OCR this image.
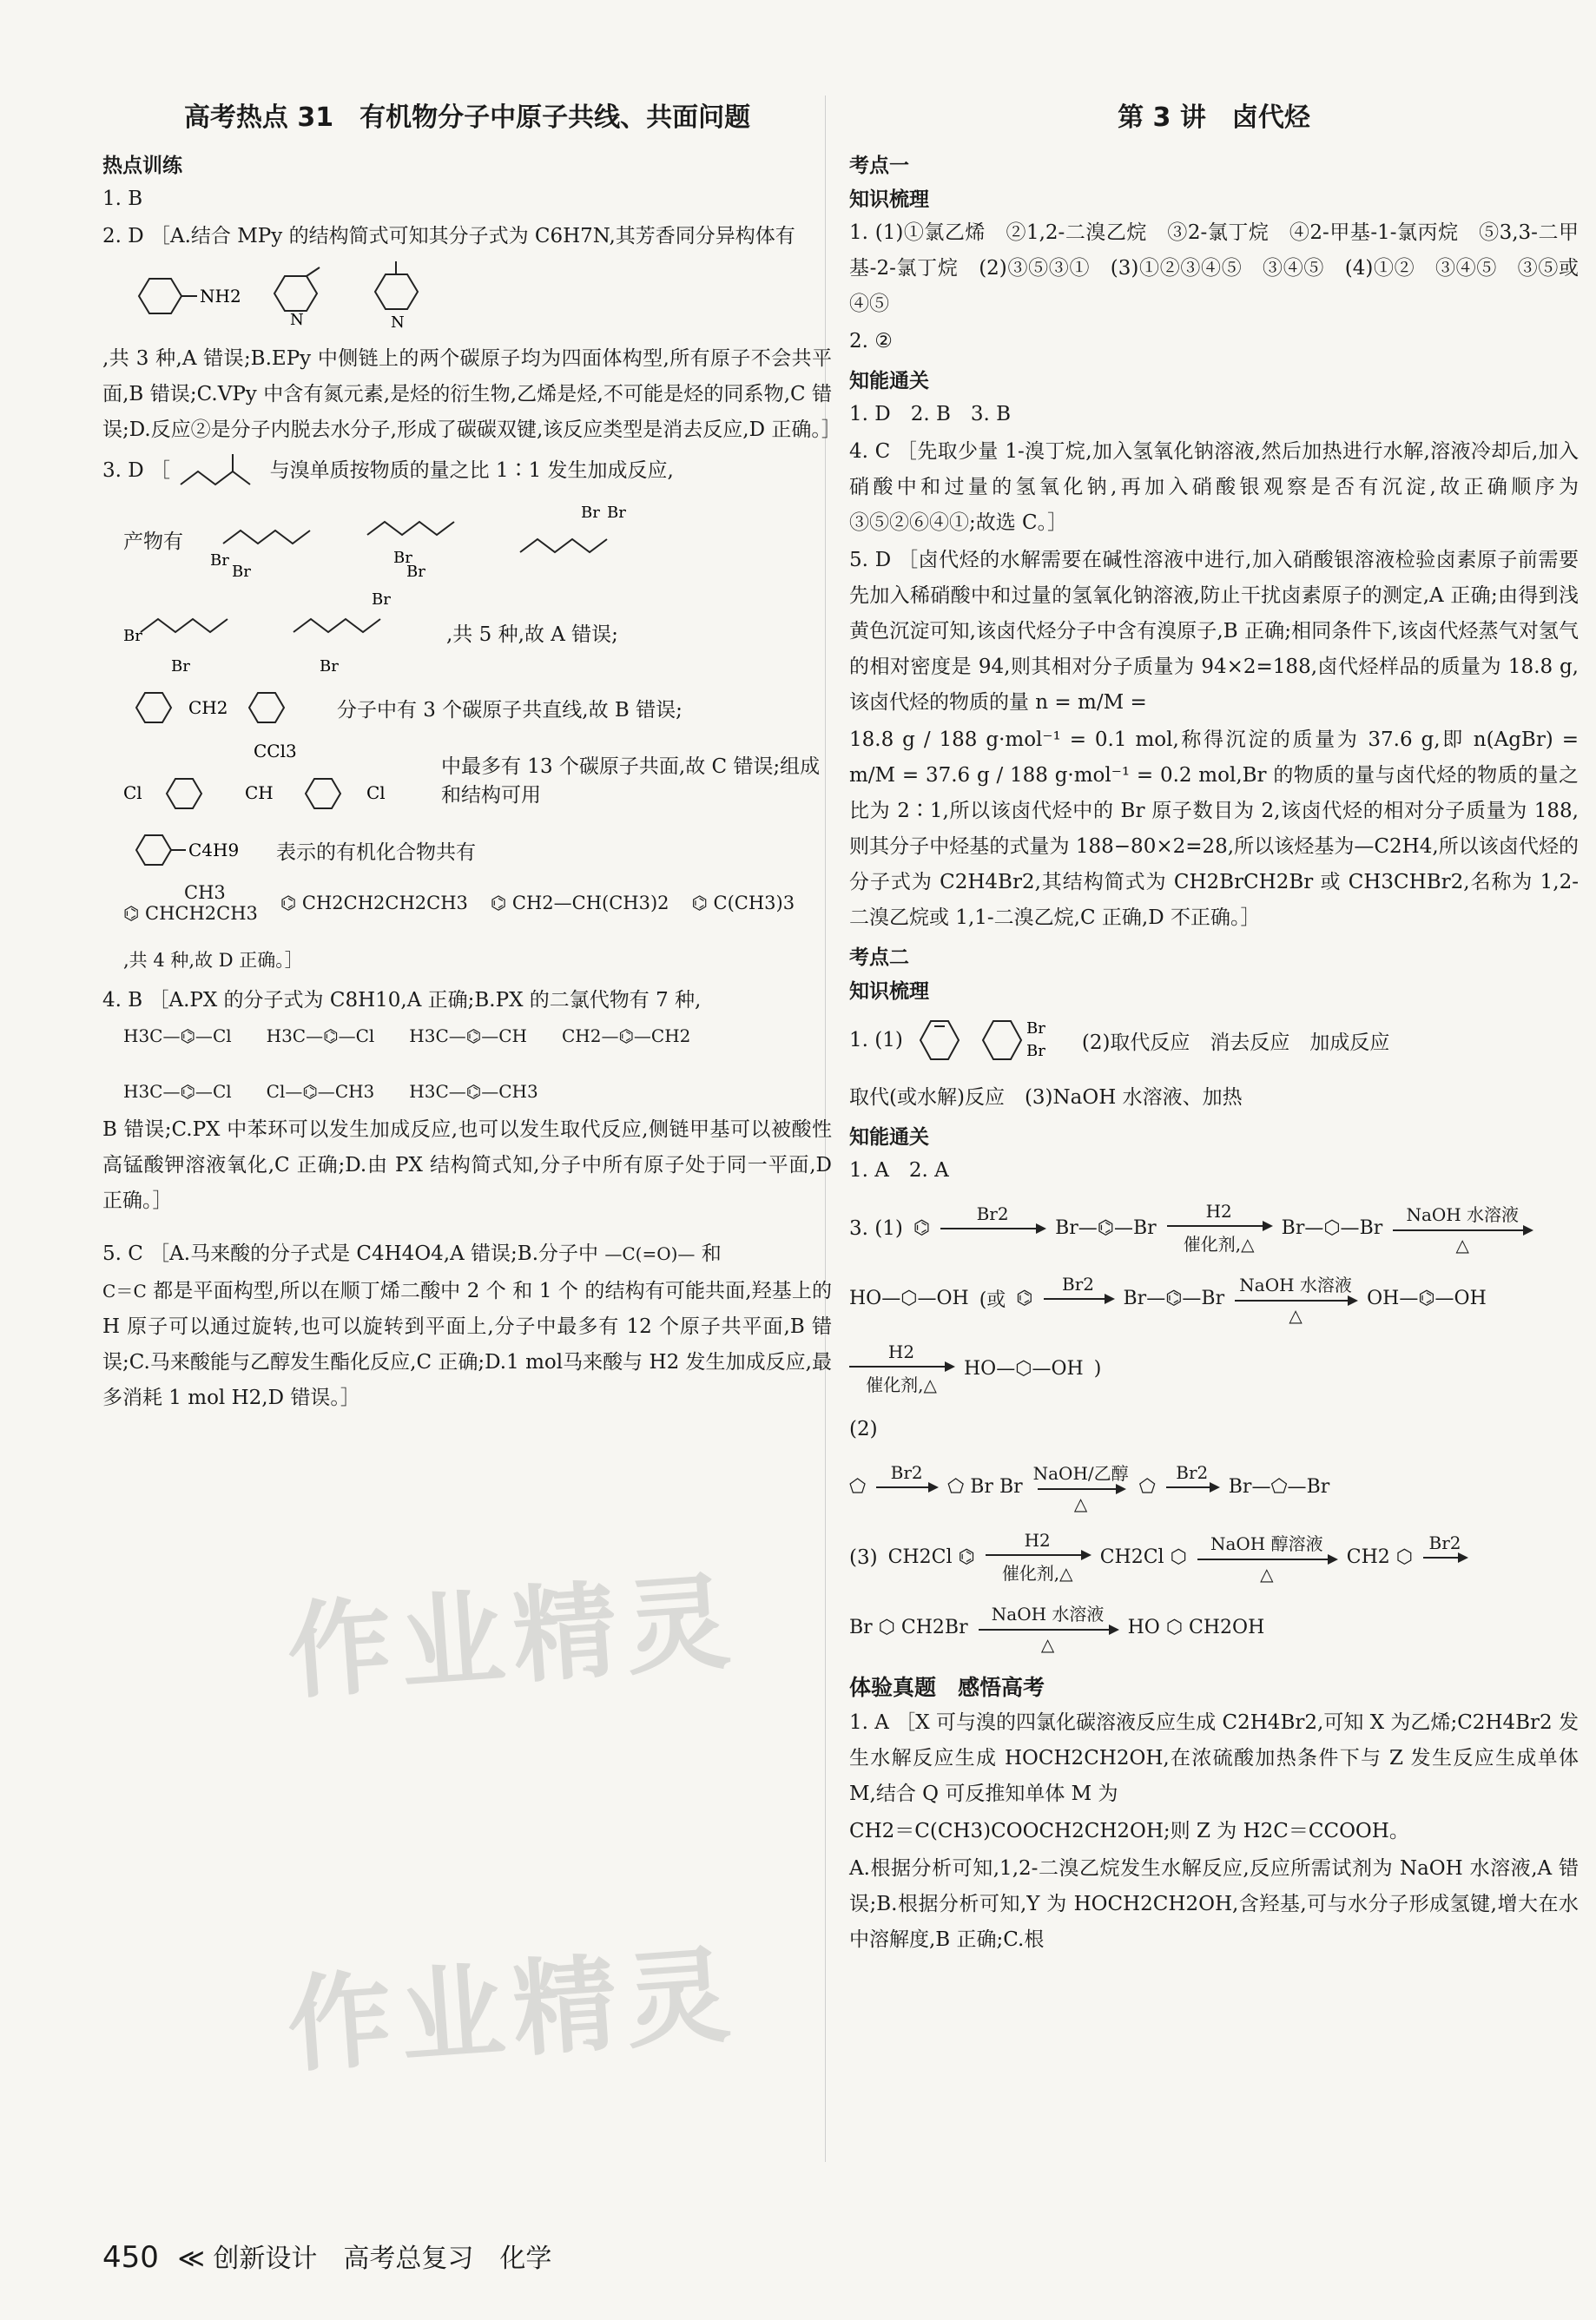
高考热点 31　有机物分子中原子共线、共面问题
热点训练

1. B

2. D ［A.结合 MPy 的结构简式可知其分子式为 C6H7N,其芳香同分异构体有

NH2
N	N

,共 3 种,A 错误;B.EPy 中侧链上的两个碳原子均为四面体构型,所有原子不会共平面,B 错误;C.VPy 中含有氮元素,是烃的衍生物,乙烯是烃,不可能是烃的同系物,C 错误;D.反应②是分子内脱去水分子,形成了碳碳双键,该反应类型是消去反应,D 正确。］

3. D ［	与溴单质按物质的量之比 1∶1 发生加成反应,

产物有
Br
Br
Br
Br
Br Br
Br
Br
Br
Br
,共 5 种,故 A 错误;
CH2	分子中有 3 个碳原子共直线,故 B 错误;
Cl
CCl3
CH	Cl
中最多有 13 个碳原子共面,故 C 错误;组成和结构可用
C4H9 表示的有机化合物共有
CH3
⌬ CHCH2CH3 ⌬ CH2CH2CH2CH3 ⌬ CH2—CH(CH3)2 ⌬ C(CH3)3
,共 4 种,故 D 正确。］

4. B ［A.PX 的分子式为 C8H10,A 正确;B.PX 的二氯代物有 7 种,

H3C—⌬—Cl H3C—⌬—Cl H3C—⌬—CH CH2—⌬—CH2
H3C—⌬—Cl Cl—⌬—CH3 H3C—⌬—CH3

B 错误;C.PX 中苯环可以发生加成反应,也可以发生取代反应,侧链甲基可以被酸性高锰酸钾溶液氧化,C 正确;D.由 PX 结构简式知,分子中所有原子处于同一平面,D 正确。］

5. C ［A.马来酸的分子式是 C4H4O4,A 错误;B.分子中 —C(=O)— 和

C＝C 都是平面构型,所以在顺丁烯二酸中 2 个 和 1 个 的结构有可能共面,羟基上的 H 原子可以通过旋转,也可以旋转到平面上,分子中最多有 12 个原子共平面,B 错误;C.马来酸能与乙醇发生酯化反应,C 正确;D.1 mol马来酸与 H2 发生加成反应,最多消耗 1 mol H2,D 错误。］

第 3 讲　卤代烃
考点一
知识梳理

1. (1)①氯乙烯　②1,2-二溴乙烷　③2-氯丁烷　④2-甲基-1-氯丙烷　⑤3,3-二甲基-2-氯丁烷　(2)③⑤③①　(3)①②③④⑤　③④⑤　(4)①②　③④⑤　③⑤或④⑤

2. ②

知能通关

1. D　2. B　3. B

4. C ［先取少量 1-溴丁烷,加入氢氧化钠溶液,然后加热进行水解,溶液冷却后,加入硝酸中和过量的氢氧化钠,再加入硝酸银观察是否有沉淀,故正确顺序为③⑤②⑥④①;故选 C。］

5. D ［卤代烃的水解需要在碱性溶液中进行,加入硝酸银溶液检验卤素原子前需要先加入稀硝酸中和过量的氢氧化钠溶液,防止干扰卤素原子的测定,A 正确;由得到浅黄色沉淀可知,该卤代烃分子中含有溴原子,B 正确;相同条件下,该卤代烃蒸气对氢气的相对密度是 94,则其相对分子质量为 94×2=188,卤代烃样品的质量为 18.8 g,该卤代烃的物质的量 n = m/M =

18.8 g / 188 g·mol⁻¹ = 0.1 mol,称得沉淀的质量为 37.6 g,即 n(AgBr) = m/M = 37.6 g / 188 g·mol⁻¹ = 0.2 mol,Br 的物质的量与卤代烃的物质的量之比为 2∶1,所以该卤代烃中的 Br 原子数目为 2,该卤代烃的相对分子质量为 188,则其分子中烃基的式量为 188−80×2=28,所以该烃基为—C2H4,所以该卤代烃的分子式为 C2H4Br2,其结构简式为 CH2BrCH2Br 或 CH3CHBr2,名称为 1,2-二溴乙烷或 1,1-二溴乙烷,C 正确,D 不正确。］

考点二
知识梳理
1. (1)
Br
Br (2)取代反应　消去反应　加成反应

取代(或水解)反应　(3)NaOH 水溶液、加热

知能通关

1. A　2. A

3. (1) ⌬
Br2

Br—⌬—Br
H2
催化剂,△
Br—⬡—Br
NaOH 水溶液
△
HO—⬡—OH (或 ⌬
Br2

Br—⌬—Br
NaOH 水溶液
△
OH—⌬—OH
H2
催化剂,△
HO—⬡—OH )

(2)

⬠
Br2

⬠ Br Br
NaOH/乙醇
△
⬠
Br2

Br—⬠—Br
(3) CH2Cl ⌬
H2
催化剂,△
CH2Cl ⬡
NaOH 醇溶液
△
CH2 ⬡
Br2

Br ⬡ CH2Br
NaOH 水溶液
△
HO ⬡ CH2OH
体验真题　感悟高考

1. A ［X 可与溴的四氯化碳溶液反应生成 C2H4Br2,可知 X 为乙烯;C2H4Br2 发生水解反应生成 HOCH2CH2OH,在浓硫酸加热条件下与 Z 发生反应生成单体 M,结合 Q 可反推知单体 M 为

CH2＝C(CH3)COOCH2CH2OH;则 Z 为 H2C＝CCOOH。

A.根据分析可知,1,2-二溴乙烷发生水解反应,反应所需试剂为 NaOH 水溶液,A 错误;B.根据分析可知,Y 为 HOCH2CH2OH,含羟基,可与水分子形成氢键,增大在水中溶解度,B 正确;C.根

作业精灵
作业精灵
450 ≪ 创新设计　高考总复习　化学
